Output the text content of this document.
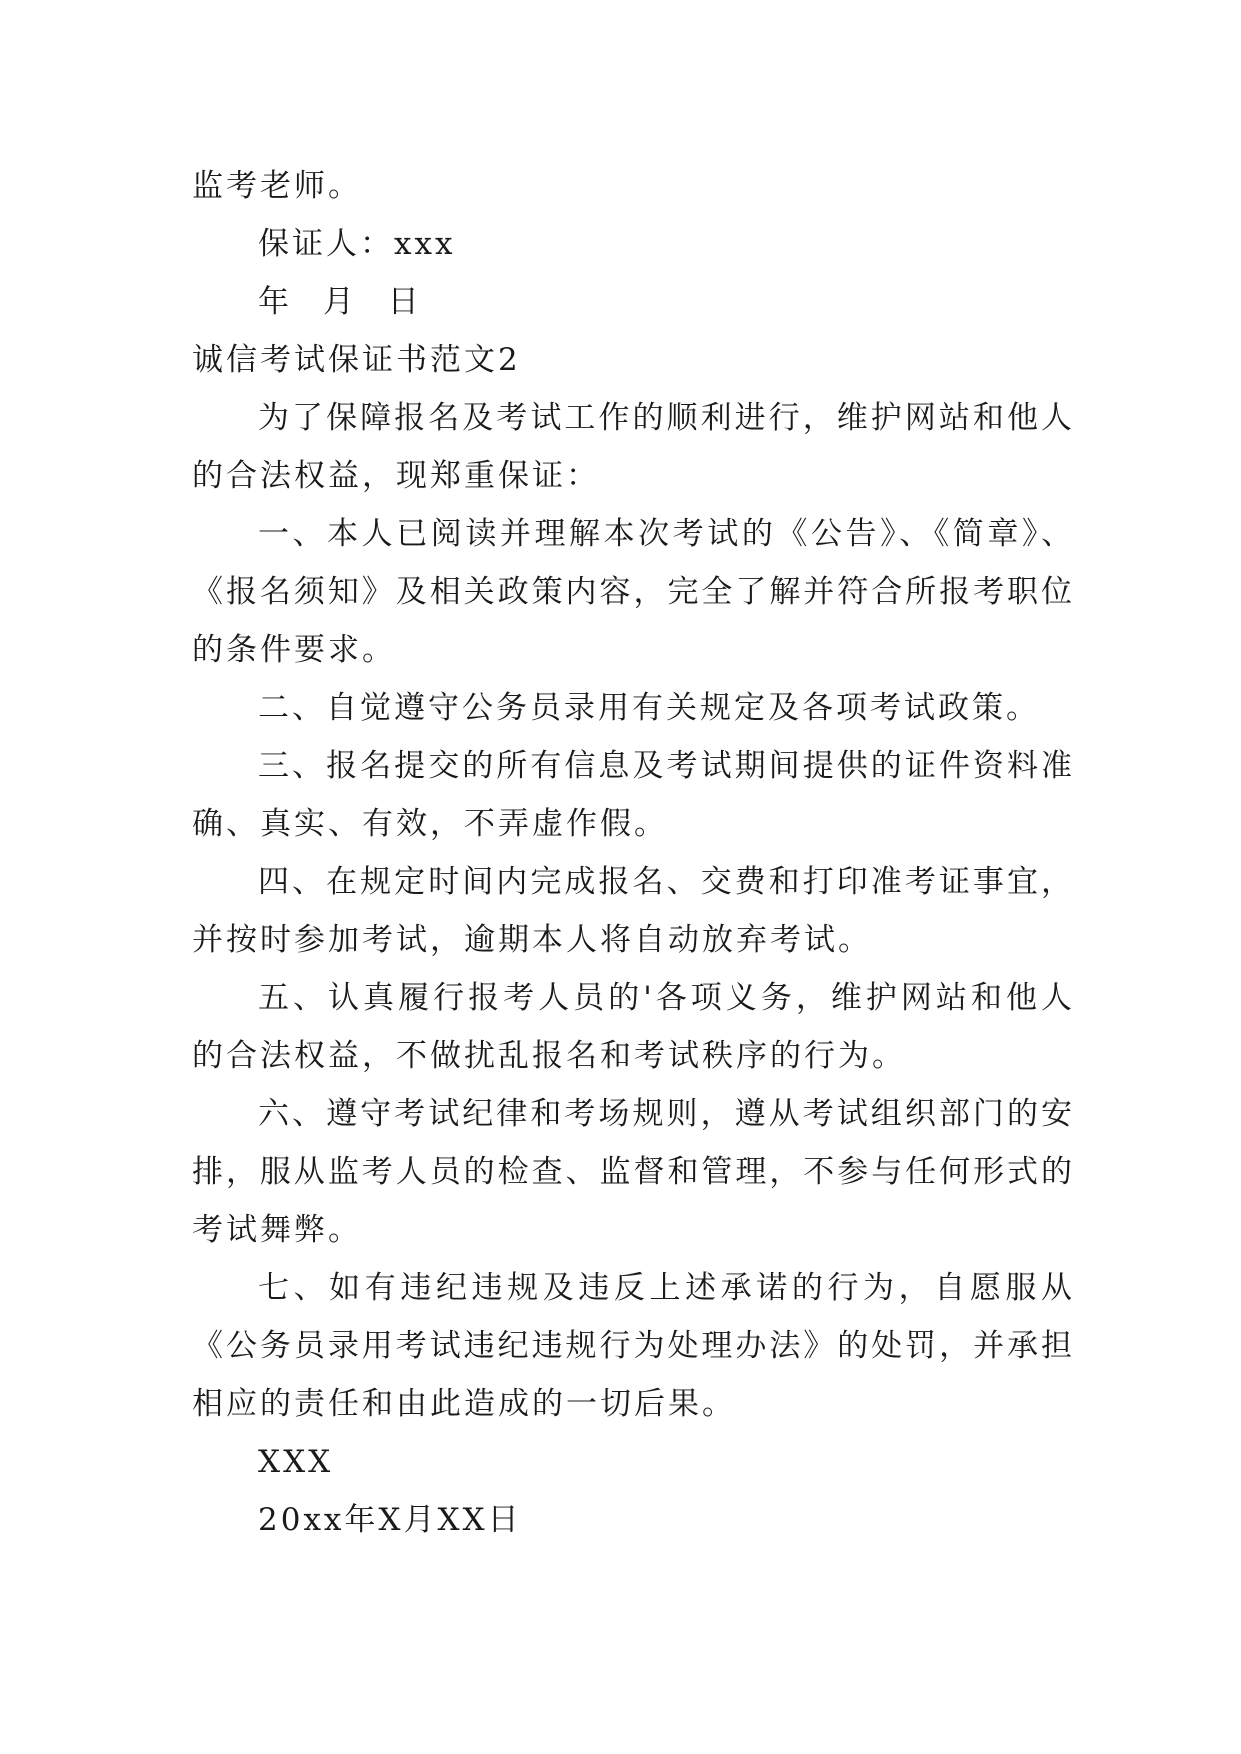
监考老师。
保证人：xxx
年 月 日
诚信考试保证书范文2
为了保障报名及考试工作的顺利进行，维护网站和他人
的合法权益，现郑重保证：
一、本人已阅读并理解本次考试的《公告》、《简章》、
《报名须知》及相关政策内容，完全了解并符合所报考职位
的条件要求。
二、自觉遵守公务员录用有关规定及各项考试政策。
三、报名提交的所有信息及考试期间提供的证件资料准
确、真实、有效，不弄虚作假。
四、在规定时间内完成报名、交费和打印准考证事宜，
并按时参加考试，逾期本人将自动放弃考试。
五、认真履行报考人员的'各项义务，维护网站和他人
的合法权益，不做扰乱报名和考试秩序的行为。
六、遵守考试纪律和考场规则，遵从考试组织部门的安
排，服从监考人员的检查、监督和管理，不参与任何形式的
考试舞弊。
七、如有违纪违规及违反上述承诺的行为，自愿服从
《公务员录用考试违纪违规行为处理办法》的处罚，并承担
相应的责任和由此造成的一切后果。
XXX
20xx年X月XX日
